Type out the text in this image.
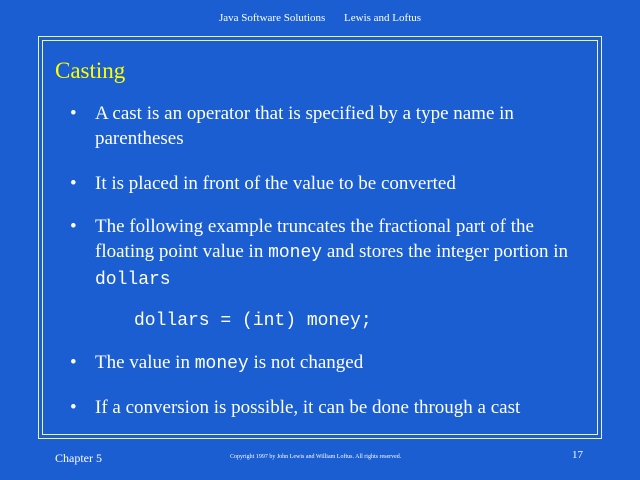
Java Software Solutions Lewis and Loftus
Casting
• A cast is an operator that is specified by a type name in parentheses
• It is placed in front of the value to be converted
• The following example truncates the fractional part of the floating point value in money and stores the integer portion in dollars
dollars = (int) money;
• The value in money is not changed
• If a conversion is possible, it can be done through a cast
Chapter 5	Copyright 1997 by John Lewis and William Loftus. All rights reserved.	17
